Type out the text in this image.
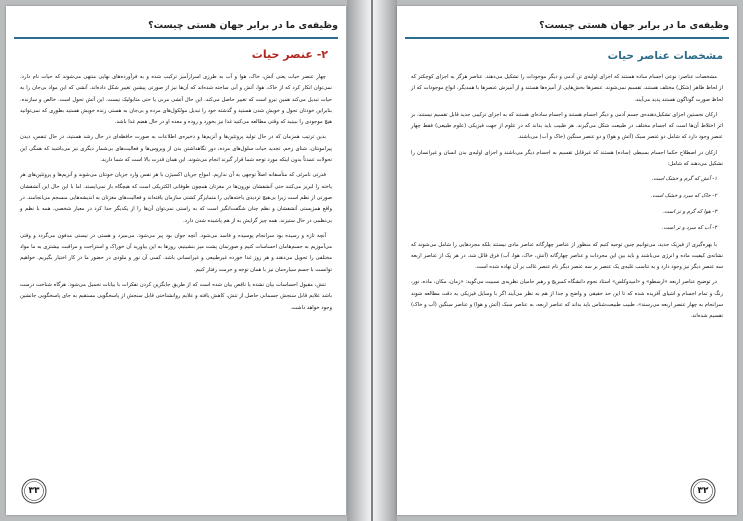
وظیفه‌ی ما در برابر جهان هستی چیست؟
۲- عنصر حیات

چهار عنصر حیات یعنی آتش، خاک، هوا و آب به طرزی اسرارآمیز ترکیب شده و به فرآورده‌های نهایی منتهی می‌شوند که حیات نام دارد. نمی‌توان انکار کرد که از خاک، هوا، آتش و آبی ساخته شده‌اند که آن‌ها نیز از صورتی پیشین تغییر شکل داده‌اند. آتشی که این مواد بی‌جان را به حیات تبدیل می‌کند همین نیرو است که تغییر حاصل می‌کند. این حال آتشی مربی یا حتی متابولیک نیست. این آتش تحول است. خالص و سازنده. بنابراین خودتان تحول و خویش شدن هستید و گذشته خود را تبدیل مولکول‌های مرده و بی‌جان به هستی زنده خویش هستید بطوری که نمی‌توانید هیچ موجودی را ببینید که وقتی مطالعه می‌کنید غذا نیز بخورد و روده و معده او در حال هضم غذا باشد.

بدین ترتیب همزمان که در حال تولید پروتئین‌ها و آنزیم‌ها و ذخیره‌ی اطلاعات به صورت حافظه‌ای در حال رشد هستید، در حال تنفس، دیدن پیرامونتان، شنای زخم، تجدید حیات سلول‌های مرده، دور نگاهداشتن بدن از ویروس‌ها و فعالیت‌های بی‌شمار دیگری نیز می‌باشید که همگی این تحولات عمدتاً بدون اینکه مورد توجه شما قرار گیرند انجام می‌شوند. این همان قدرت بالا است که شما دارید.

قدرتی نامرئی که متأسفانه اصلاً توجهی به آن نداریم. امواج جریان اکسیژن با هر نفس وارد جریان خونتان می‌شوند و آنزیم‌ها و پروتئین‌های هر یاخته را لبریز می‌کنند حتی آتشفشان نورون‌ها در مغزتان همچون طوفانی الکتریکی است که هیچگاه باز نمی‌ایستد. اما با این حال این آتشفشان صورتی از نظم است زیرا بی‌هیچ تردیدی یاخته‌هایی را متمایزگر کشتی سازمان یافته‌اند و فعالیت‌های مغزتان به اندیشه‌هایی منسجم می‌انجامند. در واقع همزیستی آتشفشان و نظم چنان شگفت‌انگیز است که به راستی نمی‌توان آن‌ها را از یکدیگر جدا کرد در معیار شخصی، همه با نظم و بی‌نظمی در حال ستیزند. همه چیز گرایش به از هم پاشیده شدن دارد.

آنچه تازه و رسیده بود سرانجام پوسیده و فاسد می‌شود. آنچه جوان بود پیر می‌شود. می‌میرد و هستی در نیستی مدفون می‌گردد و وقتی می‌آموزیم به جسم‌هامان احساسات کنیم و صورتمان پشت میز بنشینیم، روزها به این بیاورید آن خوراک و استراحت و مراقبت بیشتری به ما مواد مختلفی را تحویل می‌دهند و هر روز غذا خورده غیرطبیعی و غیرانسانی باشد. کسی آن نور و ملودی در حضور ما در کار اختیار بگیریم. خواهیم توانست با جسم سیاره‌مان نیز با همان توجه و حرمت رفتار کنیم.

تنش، مقبول احساسات بیان نشده یا ناقص بیان شده است که از طریق جایگزین کردن تفکرات با بیانات تحمیل می‌شود. هرگاه شناخت درست باشد علایم قابل سنجش جسمانی حاصل از تنش، کاهش یافته و علایم روانشناختی قابل سنجش از پاسخگویی مستقیم به جای پاسخگویی جانشین وجود خواهد داشت.

۳۳
وظیفه‌ی ما در برابر جهان هستی چیست؟
مشخصات عناصر حیات

مشخصات عناصر: نوعی اجسام ساده هستند که اجزای اولیه‌ی تن آدمی و دیگر موجودات را تشکیل می‌دهند. عناصر هرگز به اجزای کوچکتر که از لحاظ ظاهر (شکل) مختلف هستند، تقسیم نمی‌شوند. عنصرها بخش‌هایی از آمیزه‌ها هستند و از آمیزش عنصرها با همدیگر، انواع موجودات که از لحاظ صورت گوناگون هستند پدید می‌آیند.

ارکان نخستین اجزای تشکیل‌دهنده‌ی جسم آدمی و دیگر اجسام هستند و اجسام ساده‌ای هستند که به اجزای ترکیبی جدید قابل تقسیم نیستند، بر اثر اختلاط آن‌ها است که اجسام مختلف در طبیعت شکل می‌گیرند. هر طبیب باید بداند که در علوم از جهت فیزیکی (علوم طبیعی) فقط چهار عنصر وجود دارد که شامل دو عنصر سبک (آتش و هوا) و دو عنصر سنگین (خاک و آب) می‌باشند.

ارکان در اصطلاح حکما اجسام بسیطی (ساده) هستند که غیرقابل تقسیم به اجسام دیگر می‌باشند و اجزای اولیه‌ی بدن انسان و غیرانسان را تشکیل می‌دهند که شامل:

۱- آتش که گرم و خشک است.
۲- خاک که سرد و خشک است.
۳- هوا که گرم و تر است.
۴- آب که سرد و تر است.

با بهره‌گیری از فیزیک جدید، می‌توانیم چنین توجیه کنیم که منظور از عناصر چهارگانه عناصر مادی نیستند بلکه مجردهایی را شامل می‌شوند که نشانه‌ی کیفیت ماده و انرژی می‌باشند و باید بین این مجردات و عناصر چهارگانه (آتش، خاک، هوا، آب) فرق قائل شد. در هر یک از عناصر اربعه سه عنصر دیگر نیز وجود دارد و به تناسب غلبه‌ی یک عنصر بر سه عنصر دیگر نام عنصر غالب بر آن نهاده شده است.

در توضیح عناصر اربعه «ارسطو» و «امپدوکلس» استاد نجوم دانشگاه کمبریج و رهبر حامیان نظریه‌ی نسبیت می‌گوید: «زمان، مکان، ماده، نور، رنگ و تمام اجسام و اشیای آفریده شده که تا این حد حقیقی و واضح و جدا از هم به نظر می‌آیند اگر با وسایل فیزیکی به دقت مطالعه شوند سرانجام به چهار عنصر اربعه می‌رسند». طبیب طبیعت‌شناس باید بداند که عناصر اربعه، به عناصر سبک (آتش و هوا) و عناصر سنگین (آب و خاک) تقسیم شده‌اند.

۳۲
